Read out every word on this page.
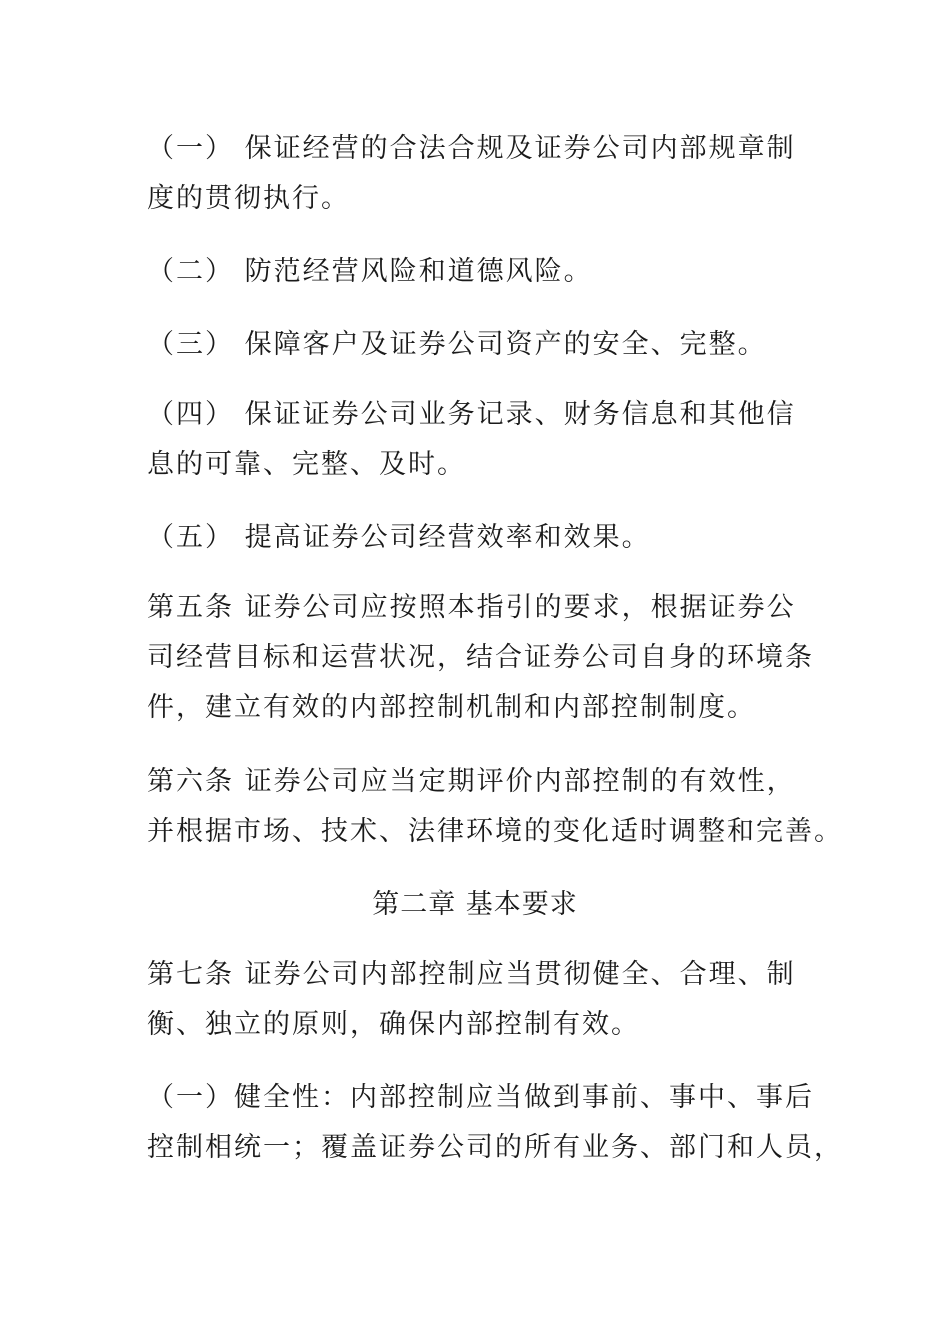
（一） 保证经营的合法合规及证券公司内部规章制
度的贯彻执行。

（二） 防范经营风险和道德风险。

（三） 保障客户及证券公司资产的安全、完整。

（四） 保证证券公司业务记录、财务信息和其他信
息的可靠、完整、及时。

（五） 提高证券公司经营效率和效果。

第五条 证券公司应按照本指引的要求，根据证券公
司经营目标和运营状况，结合证券公司自身的环境条
件，建立有效的内部控制机制和内部控制制度。

第六条 证券公司应当定期评价内部控制的有效性，
并根据市场、技术、法律环境的变化适时调整和完善。

第二章 基本要求

第七条 证券公司内部控制应当贯彻健全、合理、制
衡、独立的原则，确保内部控制有效。

（一）健全性：内部控制应当做到事前、事中、事后
控制相统一；覆盖证券公司的所有业务、部门和人员，
